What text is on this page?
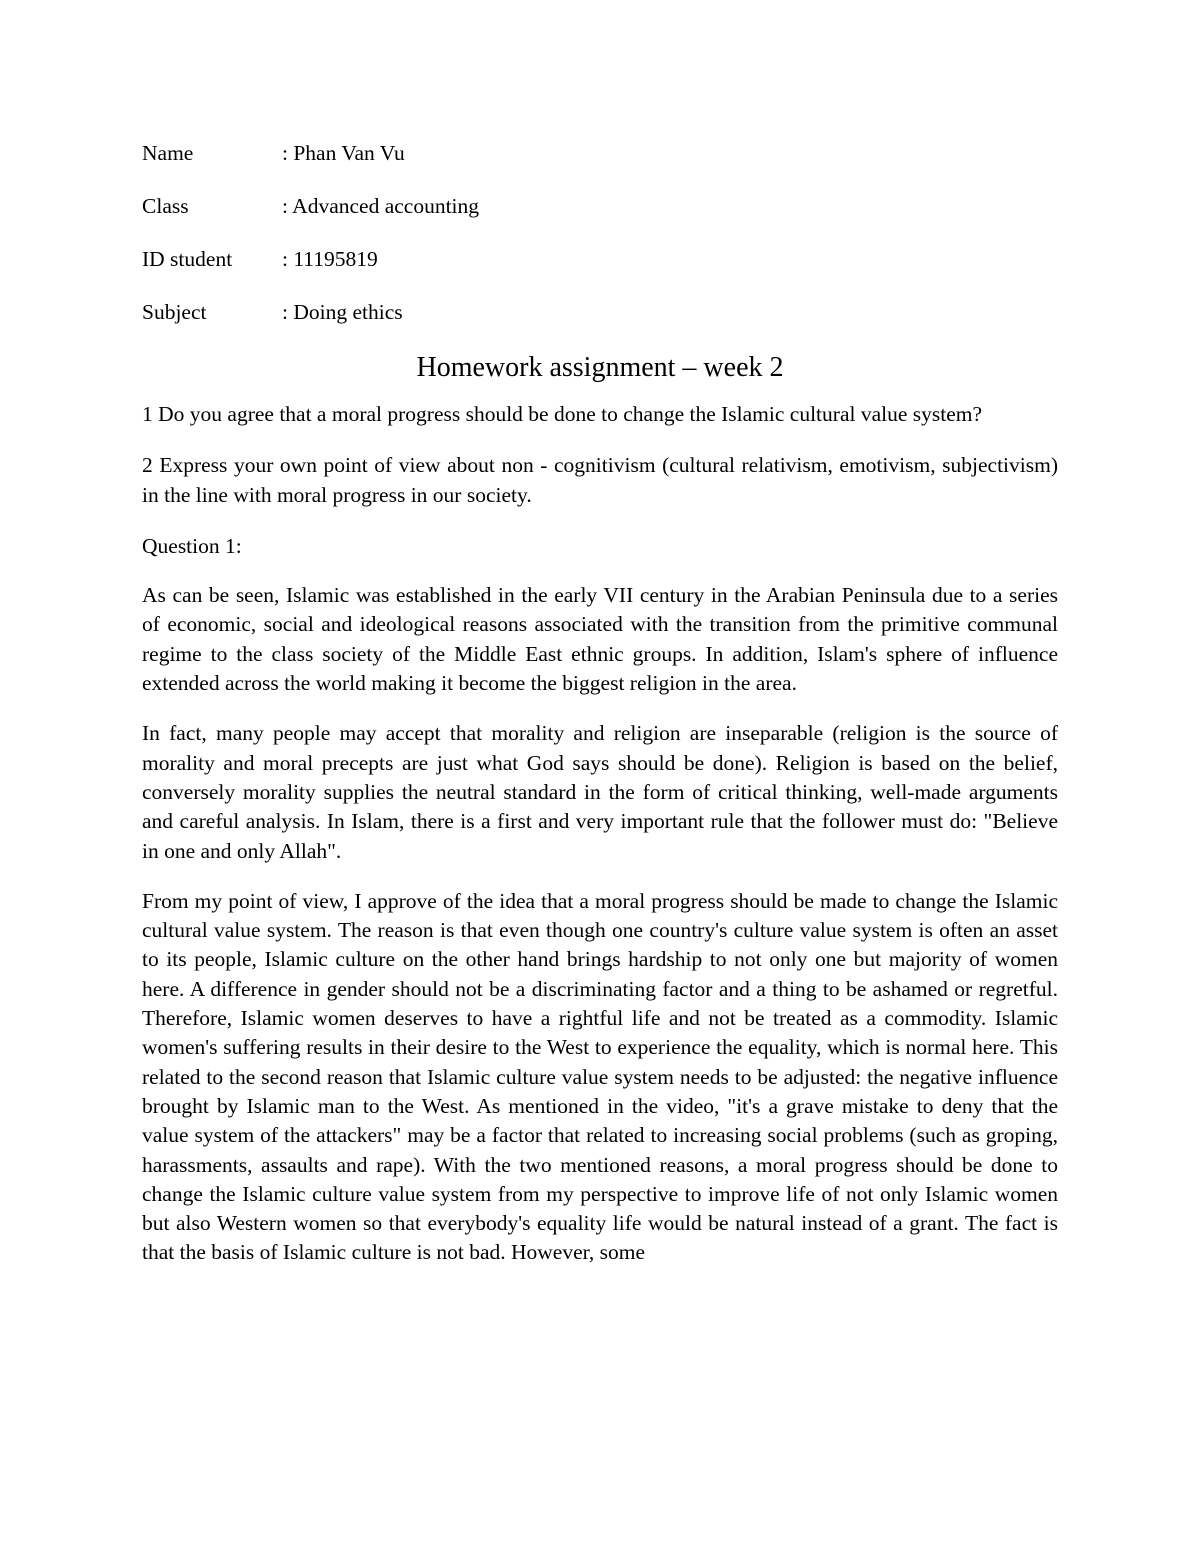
Name	: Phan Van Vu
Class	: Advanced accounting
ID student	: 11195819
Subject	: Doing ethics
Homework assignment – week 2

1 Do you agree that a moral progress should be done to change the Islamic cultural value system?

2 Express your own point of view about non - cognitivism (cultural relativism, emotivism, subjectivism) in the line with moral progress in our society.

Question 1:

As can be seen, Islamic was established in the early VII century in the Arabian Peninsula due to a series of economic, social and ideological reasons associated with the transition from the primitive communal regime to the class society of the Middle East ethnic groups. In addition, Islam's sphere of influence extended across the world making it become the biggest religion in the area.

In fact, many people may accept that morality and religion are inseparable (religion is the source of morality and moral precepts are just what God says should be done). Religion is based on the belief, conversely morality supplies the neutral standard in the form of critical thinking, well-made arguments and careful analysis. In Islam, there is a first and very important rule that the follower must do: "Believe in one and only Allah".

From my point of view, I approve of the idea that a moral progress should be made to change the Islamic cultural value system. The reason is that even though one country's culture value system is often an asset to its people, Islamic culture on the other hand brings hardship to not only one but majority of women here. A difference in gender should not be a discriminating factor and a thing to be ashamed or regretful. Therefore, Islamic women deserves to have a rightful life and not be treated as a commodity. Islamic women's suffering results in their desire to the West to experience the equality, which is normal here. This related to the second reason that Islamic culture value system needs to be adjusted: the negative influence brought by Islamic man to the West. As mentioned in the video, "it's a grave mistake to deny that the value system of the attackers" may be a factor that related to increasing social problems (such as groping, harassments, assaults and rape). With the two mentioned reasons, a moral progress should be done to change the Islamic culture value system from my perspective to improve life of not only Islamic women but also Western women so that everybody's equality life would be natural instead of a grant. The fact is that the basis of Islamic culture is not bad. However, some
